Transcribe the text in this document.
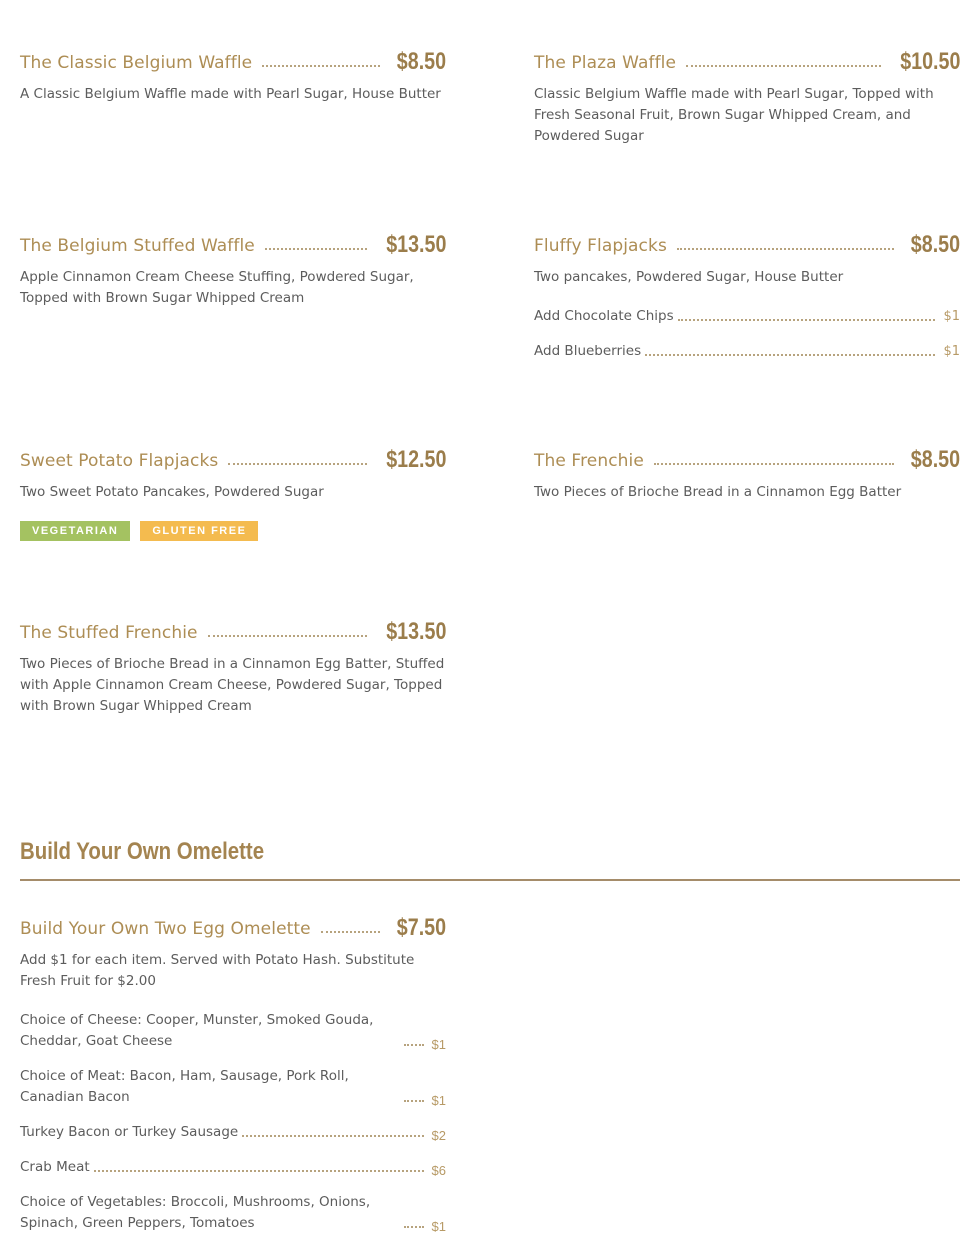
The Classic Belgium Waffle	$8.50
A Classic Belgium Waffle made with Pearl Sugar, House Butter
The Plaza Waffle	$10.50
Classic Belgium Waffle made with Pearl Sugar, Topped with Fresh Seasonal Fruit, Brown Sugar Whipped Cream, and Powdered Sugar
The Belgium Stuffed Waffle	$13.50
Apple Cinnamon Cream Cheese Stuffing, Powdered Sugar, Topped with Brown Sugar Whipped Cream
Fluffy Flapjacks	$8.50
Two pancakes, Powdered Sugar, House Butter
Add Chocolate Chips	$1
Add Blueberries	$1
Sweet Potato Flapjacks	$12.50
Two Sweet Potato Pancakes, Powdered Sugar
VEGETARIAN	GLUTEN FREE
The Frenchie	$8.50
Two Pieces of Brioche Bread in a Cinnamon Egg Batter
The Stuffed Frenchie	$13.50
Two Pieces of Brioche Bread in a Cinnamon Egg Batter, Stuffed with Apple Cinnamon Cream Cheese, Powdered Sugar, Topped with Brown Sugar Whipped Cream
Build Your Own Omelette
Build Your Own Two Egg Omelette	$7.50
Add $1 for each item. Served with Potato Hash. Substitute Fresh Fruit for $2.00
Choice of Cheese: Cooper, Munster, Smoked Gouda, Cheddar, Goat Cheese	$1
Choice of Meat: Bacon, Ham, Sausage, Pork Roll, Canadian Bacon	$1
Turkey Bacon or Turkey Sausage	$2
Crab Meat	$6
Choice of Vegetables: Broccoli, Mushrooms, Onions, Spinach, Green Peppers, Tomatoes	$1
